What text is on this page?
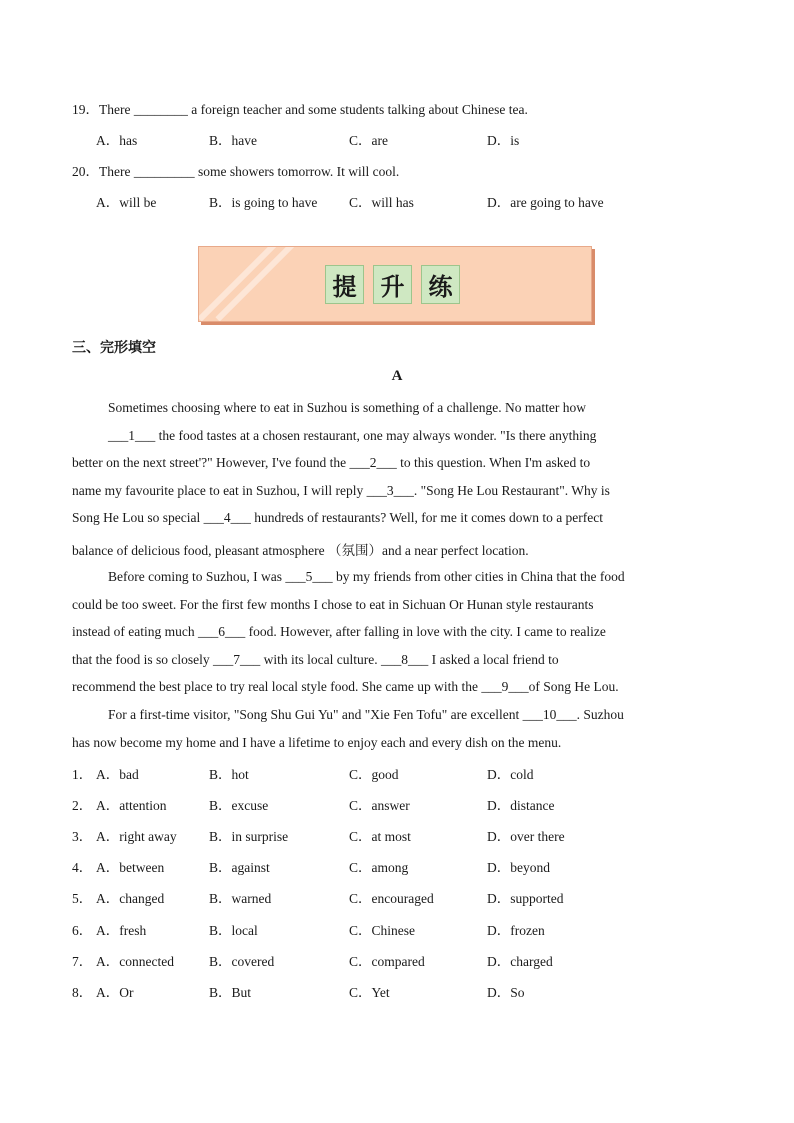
19．There ________ a foreign teacher and some students talking about Chinese tea.
A．has	B．have	C．are	D．is
20．There _________ some showers tomorrow. It will cool.
A．will be	B．is going to have C．will has	D．are going to have
提	升	练
三、完形填空
A
Sometimes choosing where to eat in Suzhou is something of a challenge. No matter how
___1___ the food tastes at a chosen restaurant, one may always wonder. "Is there anything
better on the next street'?" However, I've found the ___2___ to this question. When I'm asked to
name my favourite place to eat in Suzhou, I will reply ___3___. "Song He Lou Restaurant". Why is
Song He Lou so special ___4___ hundreds of restaurants? Well, for me it comes down to a perfect
balance of delicious food, pleasant atmosphere （氛围）and a near perfect location.
Before coming to Suzhou, I was ___5___ by my friends from other cities in China that the food
could be too sweet. For the first few months I chose to eat in Sichuan Or Hunan style restaurants
instead of eating much ___6___ food. However, after falling in love with the city. I came to realize
that the food is so closely ___7___ with its local culture. ___8___ I asked a local friend to
recommend the best place to try real local style food. She came up with the ___9___of Song He Lou.
For a first-time visitor, "Song Shu Gui Yu" and "Xie Fen Tofu" are excellent ___10___. Suzhou
has now become my home and I have a lifetime to enjoy each and every dish on the menu.
1． A．bad	B．hot	C．good	D．cold
2． A．attention	B．excuse	C．answer	D．distance
3． A．right away B．in surprise	C．at most	D．over there
4． A．between	B．against	C．among	D．beyond
5． A．changed	B．warned	C．encouraged	D．supported
6． A．fresh	B．local	C．Chinese	D．frozen
7． A．connected	B．covered	C．compared	D．charged
8． A．Or	B．But	C．Yet	D．So
